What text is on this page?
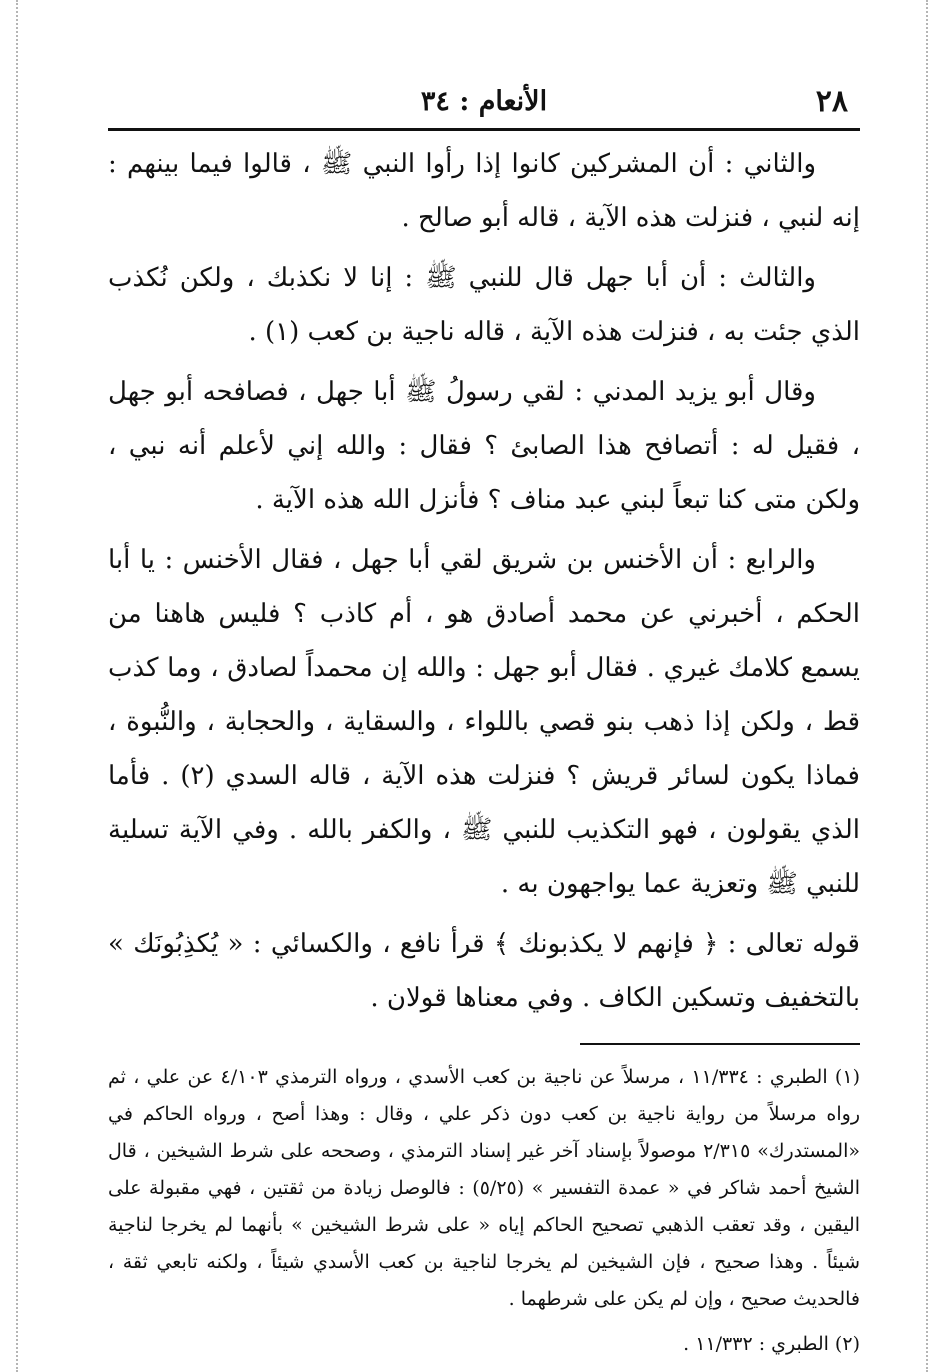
٢٨
الأنعام : ٣٤

والثاني : أن المشركين كانوا إذا رأوا النبي ﷺ ، قالوا فيما بينهم : إنه لنبي ، فنزلت هذه الآية ، قاله أبو صالح .

والثالث : أن أبا جهل قال للنبي ﷺ : إنا لا نكذبك ، ولكن نُكذب الذي جئت به ، فنزلت هذه الآية ، قاله ناجية بن كعب (١) .

وقال أبو يزيد المدني : لقي رسولُ ﷺ أبا جهل ، فصافحه أبو جهل ، فقيل له : أتصافح هذا الصابئ ؟ فقال : والله إني لأعلم أنه نبي ، ولكن متى كنا تبعاً لبني عبد مناف ؟ فأنزل الله هذه الآية .

والرابع : أن الأخنس بن شريق لقي أبا جهل ، فقال الأخنس : يا أبا الحكم ، أخبرني عن محمد أصادق هو ، أم كاذب ؟ فليس هاهنا من يسمع كلامك غيري . فقال أبو جهل : والله إن محمداً لصادق ، وما كذب قط ، ولكن إذا ذهب بنو قصي باللواء ، والسقاية ، والحجابة ، والنُّبوة ، فماذا يكون لسائر قريش ؟ فنزلت هذه الآية ، قاله السدي (٢) . فأما الذي يقولون ، فهو التكذيب للنبي ﷺ ، والكفر بالله . وفي الآية تسلية للنبي ﷺ وتعزية عما يواجهون به .

قوله تعالى : ﴿ فإنهم لا يكذبونك ﴾ قرأ نافع ، والكسائي : « يُكذِبُونَك » بالتخفيف وتسكين الكاف . وفي معناها قولان .

(١) الطبري : ١١/٣٣٤ ، مرسلاً عن ناجية بن كعب الأسدي ، ورواه الترمذي ٤/١٠٣ عن علي ، ثم رواه مرسلاً من رواية ناجية بن كعب دون ذكر علي ، وقال : وهذا أصح ، ورواه الحاكم في «المستدرك» ٢/٣١٥ موصولاً بإسناد آخر غير إسناد الترمذي ، وصححه على شرط الشيخين ، قال الشيخ أحمد شاكر في « عمدة التفسير » (٥/٢٥) : فالوصل زيادة من ثقتين ، فهي مقبولة على اليقين ، وقد تعقب الذهبي تصحيح الحاكم إياه « على شرط الشيخين » بأنهما لم يخرجا لناجية شيئاً . وهذا صحيح ، فإن الشيخين لم يخرجا لناجية بن كعب الأسدي شيئاً ، ولكنه تابعي ثقة ، فالحديث صحيح ، وإن لم يكن على شرطهما .

(٢) الطبري : ١١/٣٣٢ .
